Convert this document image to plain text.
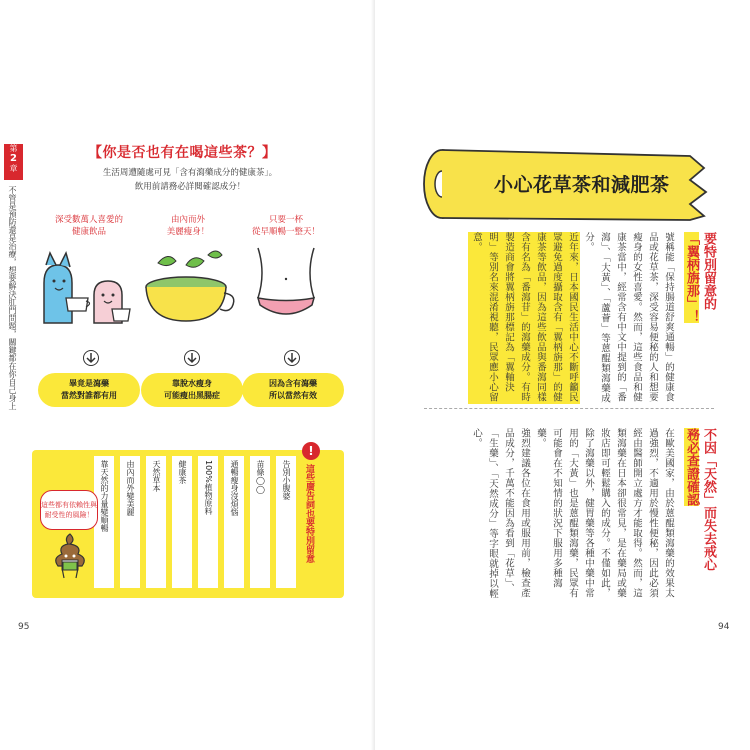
第
2
章
不管是預防還是治療，想要解決肛門問題，關鍵都在你自己身上
【你是否也有在喝這些茶？】
生活周遭隨處可見「含有瀉藥成分的健康茶」。
飲用前請務必詳閱確認成分！
深受數萬人喜愛的
健康飲品
畢竟是瀉藥
當然對誰都有用
由內而外
美麗瘦身！
靠脫水瘦身
可能瘦出黑腸症
只要一杯
從早順暢一整天！
因為含有瀉藥
所以當然有效
!
這些廣告詞也要特別留意
告別小腹婆
苗條◯◯
通暢瘦身沒煩惱
100%植物原料
健康茶
天然草本
由內而外變美麗
靠天然的力量變順暢
這些都有依賴性與耐受性的風險！
95
小心花草茶和減肥茶
要特別留意的
「翼柄旃那」！
號稱能「保持腸道舒爽通暢」的健康食品或花草茶，深受容易便秘的人和想要瘦身的女性喜愛。然而，這些食品和健康茶當中，經常含有中文中提到的「番瀉」、「大黃」、「蘆薈」等蒽醌類瀉藥成分。
近年來，日本國民生活中心不斷呼籲民眾避免過度攝取含有「翼柄旃那」的健康茶等飲品，因為這些飲品與番瀉同樣含有名為「番瀉苷」的瀉藥成分。有時製造商會將翼柄旃那標記為「翼軸決明」等別名來混淆視聽，民眾應小心留意。
不因「天然」而失去戒心
務必查證確認
在歐美國家，由於蒽醌類瀉藥的效果太過強烈，不適用於慢性便秘，因此必須經由醫師開立處方才能取得。然而，這類瀉藥在日本卻很常見，是在藥局或藥妝店即可輕鬆購入的成分。不僅如此，除了瀉藥以外，健胃藥等各種中藥中常用的「大黃」也是蒽醌類瀉藥，民眾有可能會在不知情的狀況下服用多種瀉藥。
強烈建議各位在食用或服用前，檢查產品成分，千萬不能因為看到「花草」、「生藥」、「天然成分」等字眼就掉以輕心。
94
